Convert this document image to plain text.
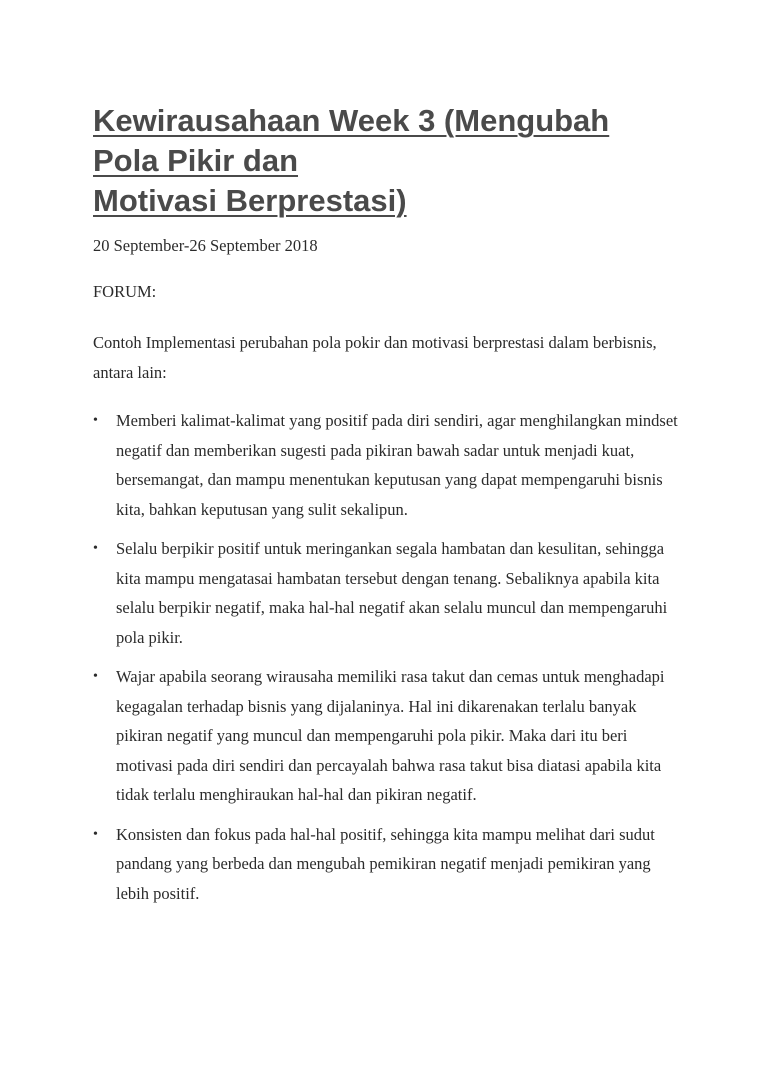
Kewirausahaan Week 3 (Mengubah
Pola Pikir dan
Motivasi Berprestasi)

20 September-26 September 2018

FORUM:

Contoh Implementasi perubahan pola pokir dan motivasi berprestasi dalam berbisnis, antara lain:

• Memberi kalimat-kalimat yang positif pada diri sendiri, agar menghilangkan mindset negatif dan memberikan sugesti pada pikiran bawah sadar untuk menjadi kuat, bersemangat, dan mampu menentukan keputusan yang dapat mempengaruhi bisnis kita, bahkan keputusan yang sulit sekalipun.
• Selalu berpikir positif untuk meringankan segala hambatan dan kesulitan, sehingga kita mampu mengatasai hambatan tersebut dengan tenang. Sebaliknya apabila kita selalu berpikir negatif, maka hal-hal negatif akan selalu muncul dan mempengaruhi pola pikir.
• Wajar apabila seorang wirausaha memiliki rasa takut dan cemas untuk menghadapi kegagalan terhadap bisnis yang dijalaninya. Hal ini dikarenakan terlalu banyak pikiran negatif yang muncul dan mempengaruhi pola pikir. Maka dari itu beri motivasi pada diri sendiri dan percayalah bahwa rasa takut bisa diatasi apabila kita tidak terlalu menghiraukan hal-hal dan pikiran negatif.
• Konsisten dan fokus pada hal-hal positif, sehingga kita mampu melihat dari sudut pandang yang berbeda dan mengubah pemikiran negatif menjadi pemikiran yang lebih positif.
